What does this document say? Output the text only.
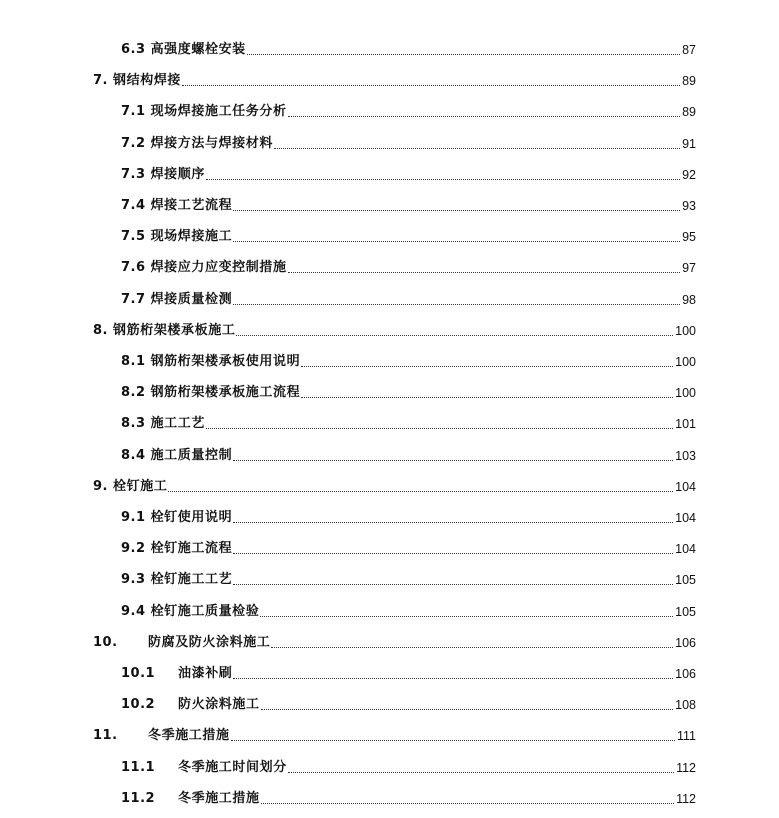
6.3 高强度螺栓安装	87
7. 钢结构焊接	89
7.1 现场焊接施工任务分析	89
7.2 焊接方法与焊接材料	91
7.3 焊接顺序	92
7.4 焊接工艺流程	93
7.5 现场焊接施工	95
7.6 焊接应力应变控制措施	97
7.7 焊接质量检测	98
8. 钢筋桁架楼承板施工	100
8.1 钢筋桁架楼承板使用说明	100
8.2 钢筋桁架楼承板施工流程	100
8.3 施工工艺	101
8.4 施工质量控制	103
9. 栓钉施工	104
9.1 栓钉使用说明	104
9.2 栓钉施工流程	104
9.3 栓钉施工工艺	105
9.4 栓钉施工质量检验	105
10.	防腐及防火涂料施工	106
10.1	油漆补刷	106
10.2	防火涂料施工	108
11.	冬季施工措施	111
11.1	冬季施工时间划分	112
11.2	冬季施工措施	112
